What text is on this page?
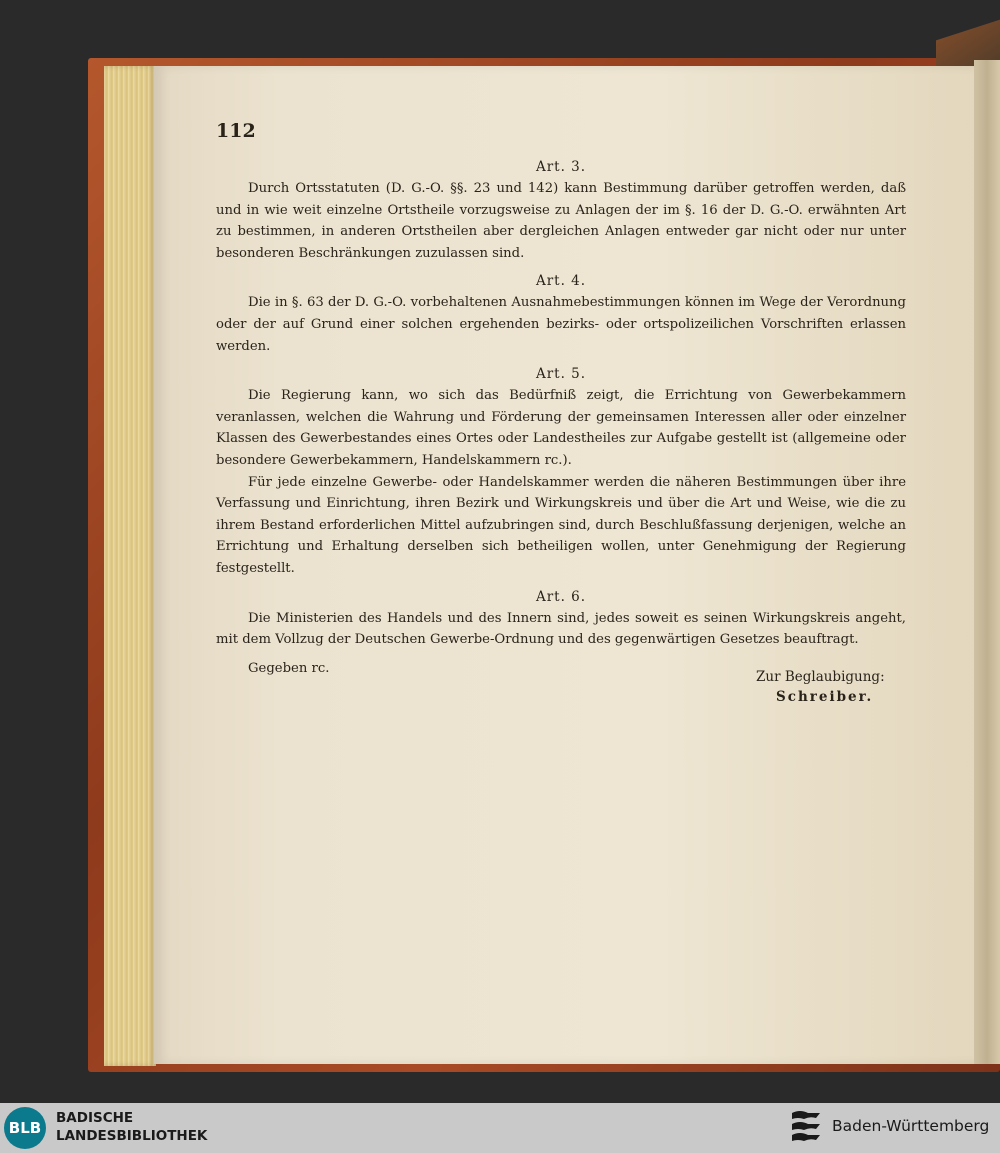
112

Art. 3.

Durch Ortsstatuten (D. G.-O. §§. 23 und 142) kann Bestimmung darüber getroffen werden, daß und in wie weit einzelne Ortstheile vorzugsweise zu Anlagen der im §. 16 der D. G.-O. erwähnten Art zu bestimmen, in anderen Ortstheilen aber dergleichen Anlagen entweder gar nicht oder nur unter besonderen Beschränkungen zuzulassen sind.

Art. 4.

Die in §. 63 der D. G.-O. vorbehaltenen Ausnahmebestimmungen können im Wege der Verordnung oder der auf Grund einer solchen ergehenden bezirks- oder ortspolizeilichen Vorschriften erlassen werden.

Art. 5.

Die Regierung kann, wo sich das Bedürfniß zeigt, die Errichtung von Gewerbekammern veranlassen, welchen die Wahrung und Förderung der gemeinsamen Interessen aller oder einzelner Klassen des Gewerbestandes eines Ortes oder Landestheiles zur Aufgabe gestellt ist (allgemeine oder besondere Gewerbekammern, Handelskammern rc.).

Für jede einzelne Gewerbe- oder Handelskammer werden die näheren Bestimmungen über ihre Verfassung und Einrichtung, ihren Bezirk und Wirkungskreis und über die Art und Weise, wie die zu ihrem Bestand erforderlichen Mittel aufzubringen sind, durch Beschlußfassung derjenigen, welche an Errichtung und Erhaltung derselben sich betheiligen wollen, unter Genehmigung der Regierung festgestellt.

Art. 6.

Die Ministerien des Handels und des Innern sind, jedes soweit es seinen Wirkungskreis angeht, mit dem Vollzug der Deutschen Gewerbe-Ordnung und des gegenwärtigen Gesetzes beauftragt.

Gegeben rc.

Zur Beglaubigung:
Schreiber.
BLB
BADISCHE
LANDESBIBLIOTHEK
Baden-Württemberg
